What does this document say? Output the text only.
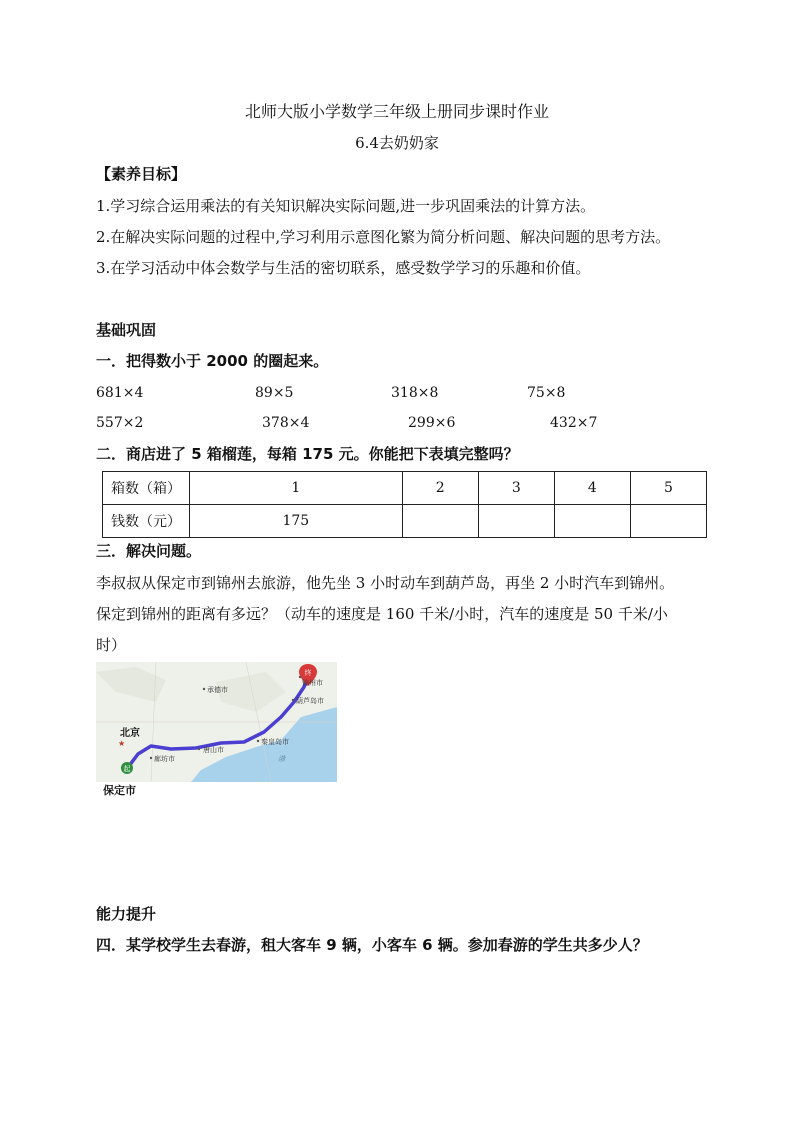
北师大版小学数学三年级上册同步课时作业
6.4去奶奶家
【素养目标】
1.学习综合运用乘法的有关知识解决实际问题,进一步巩固乘法的计算方法。
2.在解决实际问题的过程中,学习利用示意图化繁为简分析问题、解决问题的思考方法。
3.在学习活动中体会数学与生活的密切联系，感受数学学习的乐趣和价值。
基础巩固
一．把得数小于 2000 的圈起来。
681×4	89×5	318×8	75×8
557×2	378×4	299×6	432×7
二．商店进了 5 箱榴莲，每箱 175 元。你能把下表填完整吗？
箱数（箱）	1	2	3	4	5
钱数（元）	175				
三．解决问题。
李叔叔从保定市到锦州去旅游，他先坐 3 小时动车到葫芦岛，再坐 2 小时汽车到锦州。
保定到锦州的距离有多远？（动车的速度是 160 千米/小时，汽车的速度是 50 千米/小
时）
终
起
★
锦州市
承德市
葫芦岛市
北京
秦皇岛市
唐山市
廊坊市	渤
保定市
能力提升
四．某学校学生去春游，租大客车 9 辆，小客车 6 辆。参加春游的学生共多少人？
